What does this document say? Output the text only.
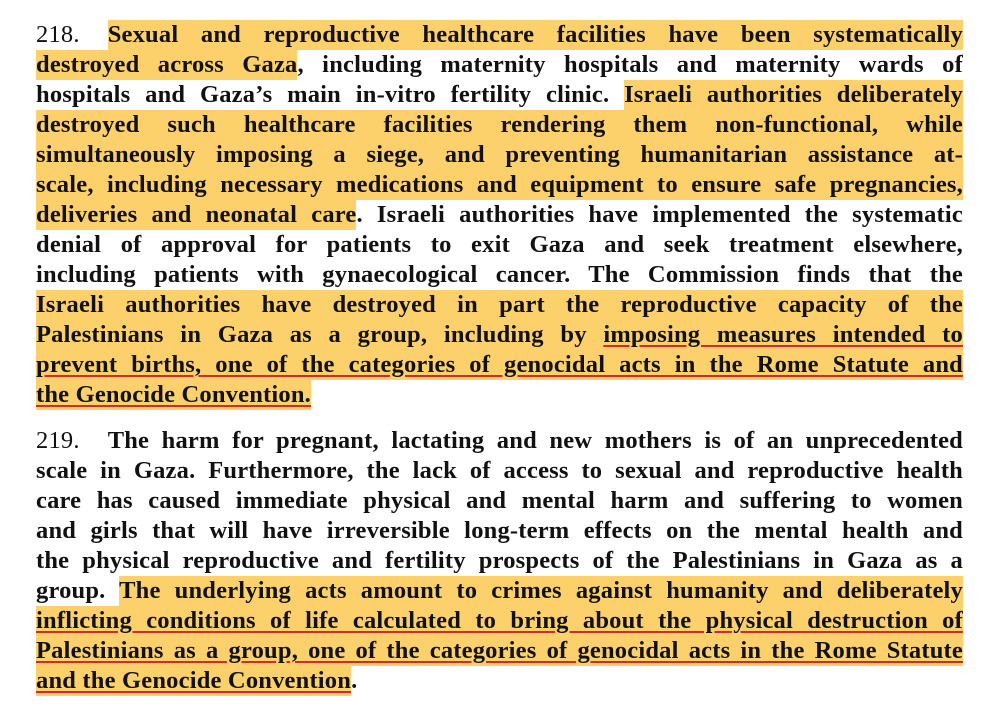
218. Sexual and reproductive healthcare facilities have been systematically
destroyed across Gaza, including maternity hospitals and maternity wards of
hospitals and Gaza’s main in-vitro fertility clinic. Israeli authorities deliberately
destroyed such healthcare facilities rendering them non-functional, while
simultaneously imposing a siege, and preventing humanitarian assistance at-
scale, including necessary medications and equipment to ensure safe pregnancies,
deliveries and neonatal care. Israeli authorities have implemented the systematic
denial of approval for patients to exit Gaza and seek treatment elsewhere,
including patients with gynaecological cancer. The Commission finds that the
Israeli authorities have destroyed in part the reproductive capacity of the
Palestinians in Gaza as a group, including by imposing measures intended to
prevent births, one of the categories of genocidal acts in the Rome Statute and
the Genocide Convention.
219. The harm for pregnant, lactating and new mothers is of an unprecedented
scale in Gaza. Furthermore, the lack of access to sexual and reproductive health
care has caused immediate physical and mental harm and suffering to women
and girls that will have irreversible long-term effects on the mental health and
the physical reproductive and fertility prospects of the Palestinians in Gaza as a
group. The underlying acts amount to crimes against humanity and deliberately
inflicting conditions of life calculated to bring about the physical destruction of
Palestinians as a group, one of the categories of genocidal acts in the Rome Statute
and the Genocide Convention.
